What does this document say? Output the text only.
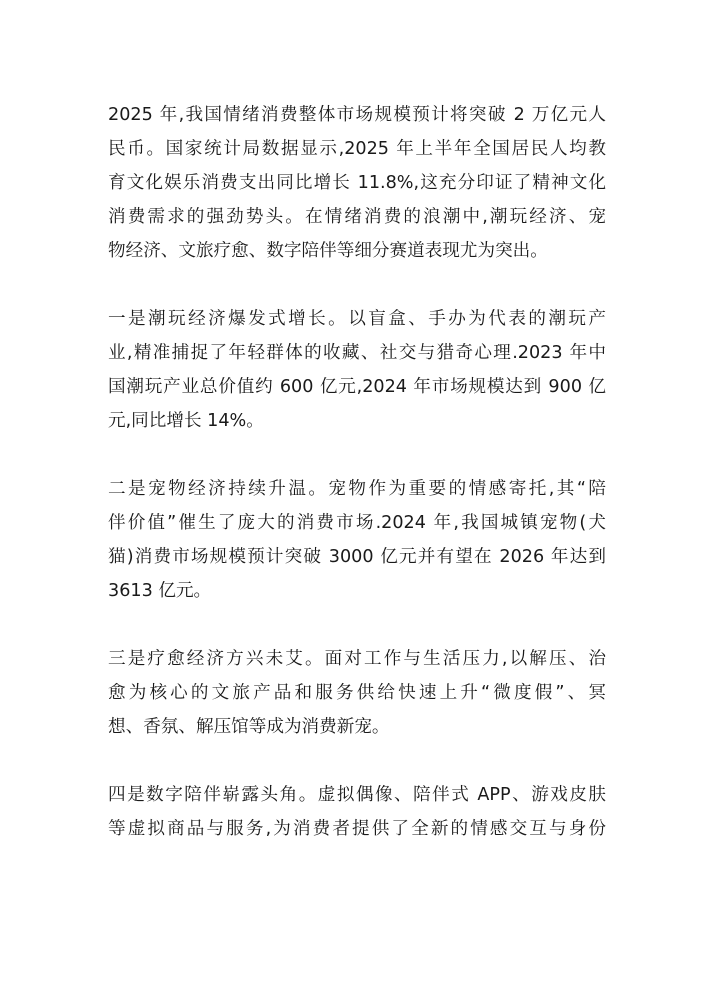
2025 年,我国情绪消费整体市场规模预计将突破 2 万亿元人
民币。国家统计局数据显示,2025 年上半年全国居民人均教
育文化娱乐消费支出同比增长 11.8%,这充分印证了精神文化
消费需求的强劲势头。在情绪消费的浪潮中,潮玩经济、宠
物经济、文旅疗愈、数字陪伴等细分赛道表现尤为突出。
一是潮玩经济爆发式增长。以盲盒、手办为代表的潮玩产
业,精准捕捉了年轻群体的收藏、社交与猎奇心理.2023 年中
国潮玩产业总价值约 600 亿元,2024 年市场规模达到 900 亿
元,同比增长 14%。
二是宠物经济持续升温。宠物作为重要的情感寄托,其“陪
伴价值”催生了庞大的消费市场.2024 年,我国城镇宠物(犬
猫)消费市场规模预计突破 3000 亿元并有望在 2026 年达到
3613 亿元。
三是疗愈经济方兴未艾。面对工作与生活压力,以解压、治
愈为核心的文旅产品和服务供给快速上升“微度假”、冥
想、香氛、解压馆等成为消费新宠。
四是数字陪伴崭露头角。虚拟偶像、陪伴式 APP、游戏皮肤
等虚拟商品与服务,为消费者提供了全新的情感交互与身份
